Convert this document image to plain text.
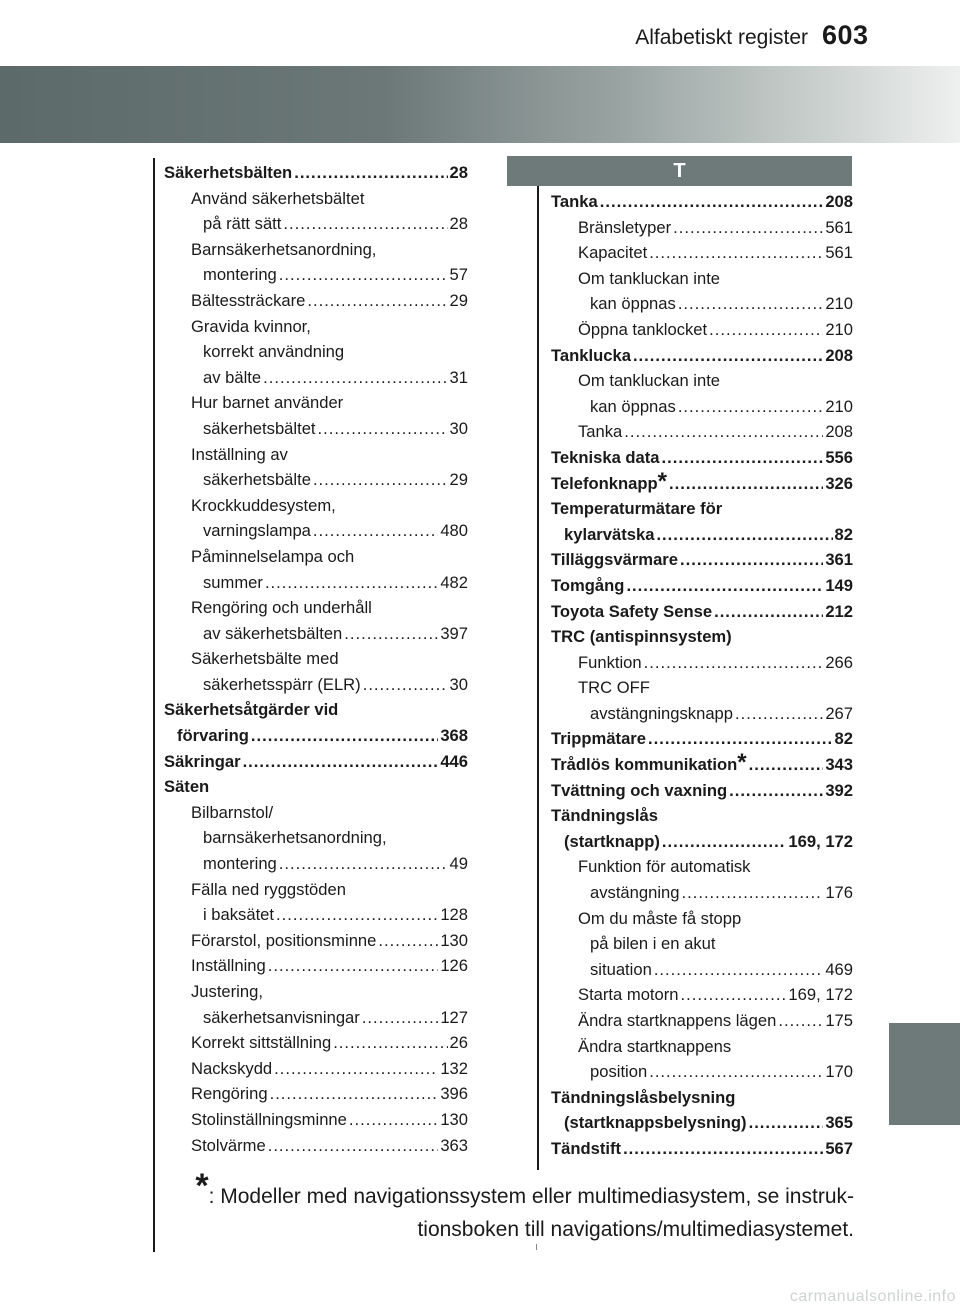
603
Alfabetiskt register
T
Säkerhetsbälten .....	28
Använd säkerhetsbältet
på rätt sätt .....	28
Barnsäkerhetsanordning,
montering .....	57
Bältessträckare .....	29
Gravida kvinnor,
korrekt användning
av bälte .....	31
Hur barnet använder
säkerhetsbältet .....	30
Inställning av
säkerhetsbälte .....	29
Krockkuddesystem,
varningslampa .....	480
Påminnelselampa och
summer .....	482
Rengöring och underhåll
av säkerhetsbälten .....	397
Säkerhetsbälte med
säkerhetsspärr (ELR) .....	30
Säkerhetsåtgärder vid
förvaring .....	368
Säkringar .....	446
Säten
Bilbarnstol/
barnsäkerhetsanordning,
montering .....	49
Fälla ned ryggstöden
i baksätet .....	128
Förarstol, positionsminne .....	130
Inställning .....	126
Justering,
säkerhetsanvisningar .....	127
Korrekt sittställning .....	26
Nackskydd .....	132
Rengöring .....	396
Stolinställningsminne .....	130
Stolvärme .....	363
Tanka .....	208
Bränsletyper .....	561
Kapacitet .....	561
Om tankluckan inte
kan öppnas .....	210
Öppna tanklocket .....	210
Tanklucka .....	208
Om tankluckan inte
kan öppnas .....	210
Tanka .....	208
Tekniska data .....	556
Telefonknapp * .....	326
Temperaturmätare för
kylarvätska .....	82
Tilläggsvärmare .....	361
Tomgång .....	149
Toyota Safety Sense .....	212
TRC (antispinnsystem)
Funktion .....	266
TRC OFF
avstängningsknapp .....	267
Trippmätare .....	82
Trådlös kommunikation * .....	343
Tvättning och vaxning .....	392
Tändningslås
(startknapp) .....	169, 172
Funktion för automatisk
avstängning .....	176
Om du måste få stopp
på bilen i en akut
situation .....	469
Starta motorn .....	169, 172
Ändra startknappens lägen .....	175
Ändra startknappens
position .....	170
Tändningslåsbelysning
(startknappsbelysning) .....	365
Tändstift .....	567
*: Modeller med navigationssystem eller multimediasystem, se instruk-
tionsboken till navigations/multimediasystemet.
carmanualsonline.info
